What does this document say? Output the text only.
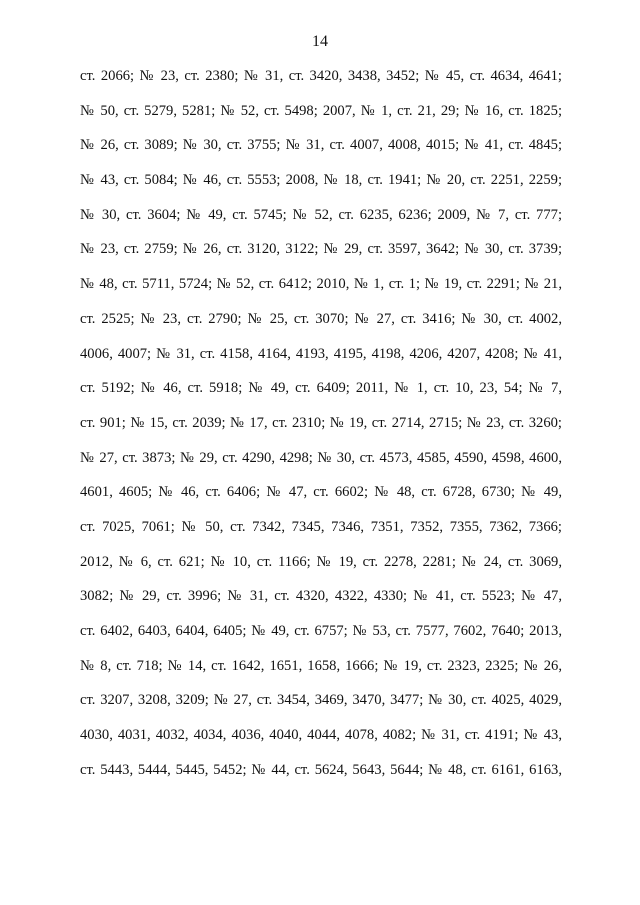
14
ст. 2066; № 23, ст. 2380; № 31, ст. 3420, 3438, 3452; № 45, ст. 4634, 4641;
№ 50, ст. 5279, 5281; № 52, ст. 5498; 2007, № 1, ст. 21, 29; № 16, ст. 1825;
№ 26, ст. 3089; № 30, ст. 3755; № 31, ст. 4007, 4008, 4015; № 41, ст. 4845;
№ 43, ст. 5084; № 46, ст. 5553; 2008, № 18, ст. 1941; № 20, ст. 2251, 2259;
№ 30, ст. 3604; № 49, ст. 5745; № 52, ст. 6235, 6236; 2009, № 7, ст. 777;
№ 23, ст. 2759; № 26, ст. 3120, 3122; № 29, ст. 3597, 3642; № 30, ст. 3739;
№ 48, ст. 5711, 5724; № 52, ст. 6412; 2010, № 1, ст. 1; № 19, ст. 2291; № 21,
ст. 2525; № 23, ст. 2790; № 25, ст. 3070; № 27, ст. 3416; № 30, ст. 4002,
4006, 4007; № 31, ст. 4158, 4164, 4193, 4195, 4198, 4206, 4207, 4208; № 41,
ст. 5192; № 46, ст. 5918; № 49, ст. 6409; 2011, № 1, ст. 10, 23, 54; № 7,
ст. 901; № 15, ст. 2039; № 17, ст. 2310; № 19, ст. 2714, 2715; № 23, ст. 3260;
№ 27, ст. 3873; № 29, ст. 4290, 4298; № 30, ст. 4573, 4585, 4590, 4598, 4600,
4601, 4605; № 46, ст. 6406; № 47, ст. 6602; № 48, ст. 6728, 6730; № 49,
ст. 7025, 7061; № 50, ст. 7342, 7345, 7346, 7351, 7352, 7355, 7362, 7366;
2012, № 6, ст. 621; № 10, ст. 1166; № 19, ст. 2278, 2281; № 24, ст. 3069,
3082; № 29, ст. 3996; № 31, ст. 4320, 4322, 4330; № 41, ст. 5523; № 47,
ст. 6402, 6403, 6404, 6405; № 49, ст. 6757; № 53, ст. 7577, 7602, 7640; 2013,
№ 8, ст. 718; № 14, ст. 1642, 1651, 1658, 1666; № 19, ст. 2323, 2325; № 26,
ст. 3207, 3208, 3209; № 27, ст. 3454, 3469, 3470, 3477; № 30, ст. 4025, 4029,
4030, 4031, 4032, 4034, 4036, 4040, 4044, 4078, 4082; № 31, ст. 4191; № 43,
ст. 5443, 5444, 5445, 5452; № 44, ст. 5624, 5643, 5644; № 48, ст. 6161, 6163,
